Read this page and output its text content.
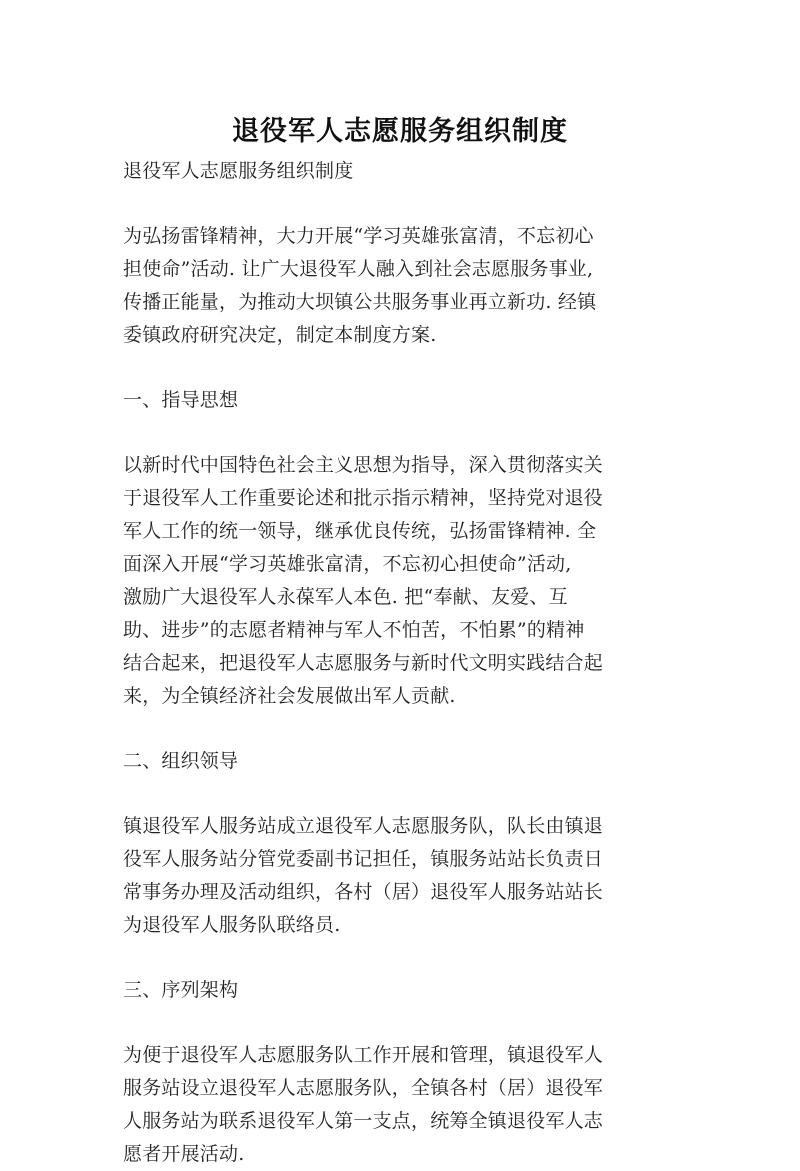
退役军人志愿服务组织制度

退役军人志愿服务组织制度

为弘扬雷锋精神，大力开展“学习英雄张富清，不忘初心
担使命”活动. 让广大退役军人融入到社会志愿服务事业,
传播正能量，为推动大坝镇公共服务事业再立新功. 经镇
委镇政府研究决定，制定本制度方案.

一、指导思想

以新时代中国特色社会主义思想为指导，深入贯彻落实关
于退役军人工作重要论述和批示指示精神，坚持党对退役
军人工作的统一领导，继承优良传统，弘扬雷锋精神. 全
面深入开展“学习英雄张富清，不忘初心担使命”活动,
激励广大退役军人永葆军人本色. 把“奉献、友爱、互
助、进步”的志愿者精神与军人不怕苦，不怕累”的精神
结合起来，把退役军人志愿服务与新时代文明实践结合起
来，为全镇经济社会发展做出军人贡献.

二、组织领导

镇退役军人服务站成立退役军人志愿服务队，队长由镇退
役军人服务站分管党委副书记担任，镇服务站站长负责日
常事务办理及活动组织，各村（居）退役军人服务站站长
为退役军人服务队联络员.

三、序列架构

为便于退役军人志愿服务队工作开展和管理，镇退役军人
服务站设立退役军人志愿服务队，全镇各村（居）退役军
人服务站为联系退役军人第一支点，统筹全镇退役军人志
愿者开展活动.
